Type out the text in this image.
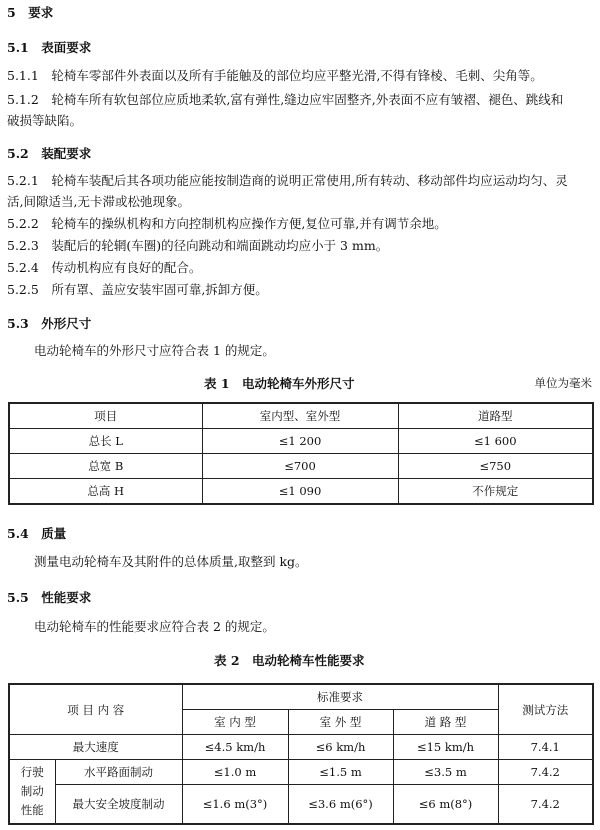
5　 要求
5.1　 表面要求
5.1.1　 轮椅车零部件外表面以及所有手能触及的部位均应平整光滑,不得有锋棱、毛刺、尖角等。
5.1.2　 轮椅车所有软包部位应质地柔软,富有弹性,缝边应牢固整齐,外表面不应有皱褶、褪色、跳线和
破损等缺陷。
5.2　 装配要求
5.2.1　 轮椅车装配后其各项功能应能按制造商的说明正常使用,所有转动、移动部件均应运动均匀、灵
活,间隙适当,无卡滞或松弛现象。
5.2.2　 轮椅车的操纵机构和方向控制机构应操作方便,复位可靠,并有调节余地。
5.2.3　 装配后的轮辋(车圈)的径向跳动和端面跳动均应小于 3 mm。
5.2.4　 传动机构应有良好的配合。
5.2.5　 所有罩、盖应安装牢固可靠,拆卸方便。
5.3　 外形尺寸
电动轮椅车的外形尺寸应符合表 1 的规定。
表 1　电动轮椅车外形尺寸	单位为毫米
项目	室内型、室外型	道路型
总长 L	≤1 200	≤1 600
总宽 B	≤700	≤750
总高 H	≤1 090	不作规定
5.4　 质量
测量电动轮椅车及其附件的总体质量,取整到 kg。
5.5　 性能要求
电动轮椅车的性能要求应符合表 2 的规定。
表 2　电动轮椅车性能要求
项 目 内 容		标准要求			测试方法
		室 内 型	室 外 型	道 路 型	
最大速度		≤4.5 km/h	≤6 km/h	≤15 km/h	7.4.1

行驶
制动
性能	水平路面制动	≤1.0 m	≤1.5 m	≤3.5 m	7.4.2
	最大安全坡度制动	≤1.6 m(3°)	≤3.6 m(6°)	≤6 m(8°)	7.4.2
